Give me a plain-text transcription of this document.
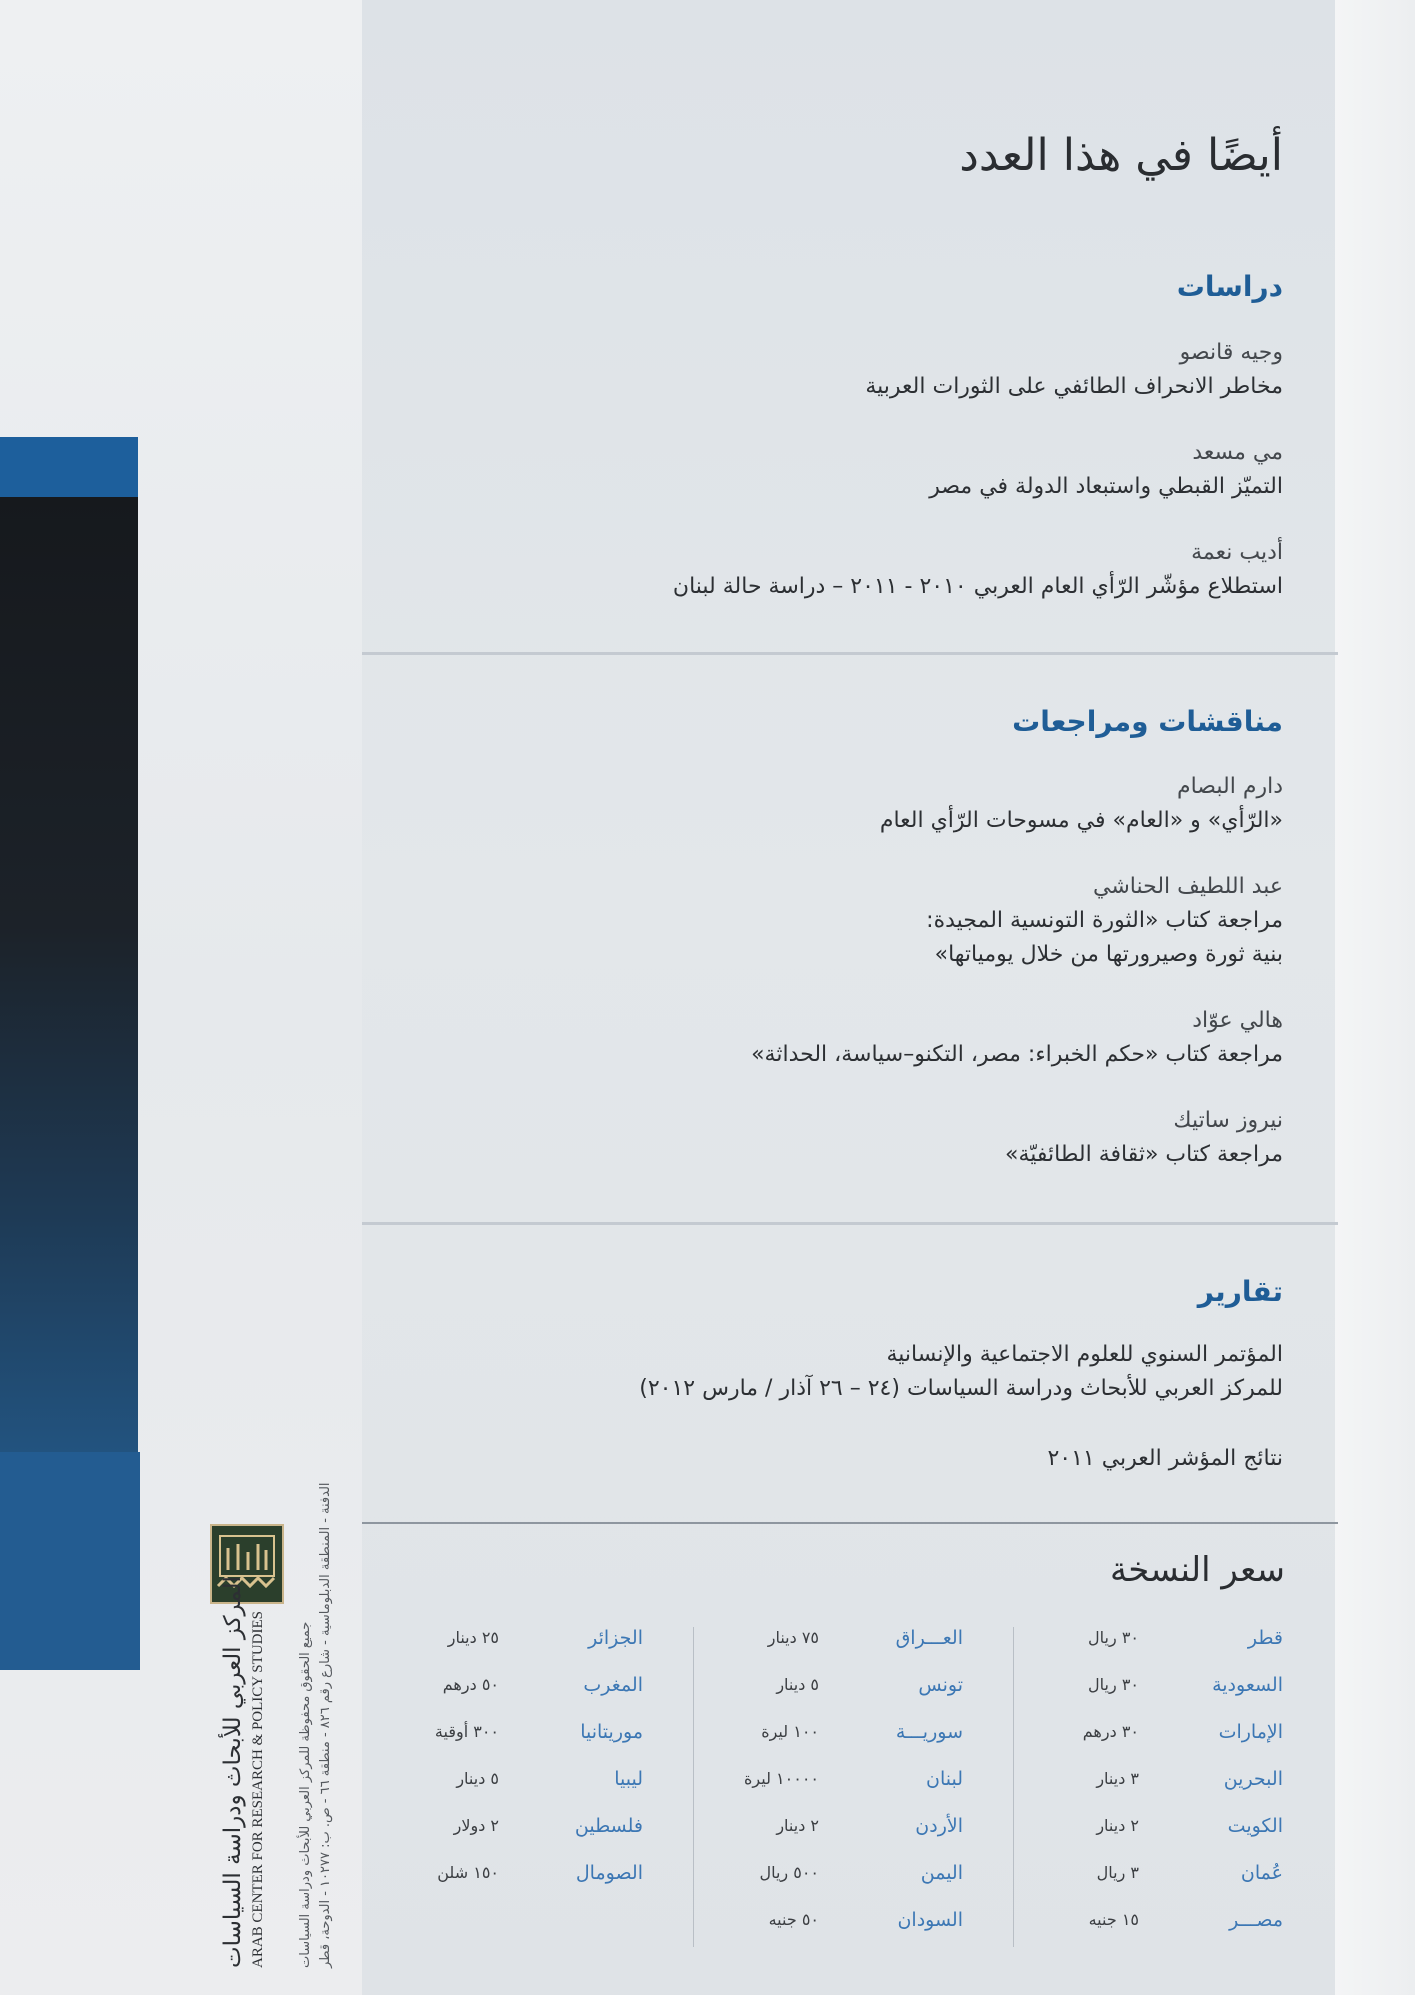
أيضًا في هذا العدد
دراسات
وجيه قانصو
مخاطر الانحراف الطائفي على الثورات العربية
مي مسعد
التميّز القبطي واستبعاد الدولة في مصر
أديب نعمة
استطلاع مؤشّر الرّأي العام العربي ٢٠١٠ - ٢٠١١ – دراسة حالة لبنان
مناقشات ومراجعات
دارم البصام
«الرّأي» و «العام» في مسوحات الرّأي العام
عبد اللطيف الحناشي
مراجعة كتاب «الثورة التونسية المجيدة:
بنية ثورة وصيرورتها من خلال يومياتها»
هالي عوّاد
مراجعة كتاب «حكم الخبراء: مصر، التكنو–سياسة، الحداثة»
نيروز ساتيك
مراجعة كتاب «ثقافة الطائفيّة»
تقارير
المؤتمر السنوي للعلوم الاجتماعية والإنسانية
للمركز العربي للأبحاث ودراسة السياسات (٢٤ – ٢٦ آذار / مارس ٢٠١٢)
نتائج المؤشر العربي ٢٠١١
سعر النسخة
قطر
٣٠ ريال
السعودية
٣٠ ريال
الإمارات
٣٠ درهم
البحرين
٣ دينار
الكويت
٢ دينار
عُمان
٣ ريال
مصـــر
١٥ جنيه
العـــراق
٧٥ دينار
تونس
٥ دينار
سوريـــة
١٠٠ ليرة
لبنان
١٠٠٠٠ ليرة
الأردن
٢ دينار
اليمن
٥٠٠ ريال
السودان
٥٠ جنيه
الجزائر
٢٥ دينار
المغرب
٥٠ درهم
موريتانيا
٣٠٠ أوقية
ليبيا
٥ دينار
فلسطين
٢ دولار
الصومال
١٥٠ شلن
المركز العربي للأبحاث ودراسة السياسات ARAB CENTER FOR RESEARCH & POLICY STUDIES جميع الحقوق محفوظة للمركز العربي للأبحاث ودراسة السياسات الدفنة - المنطقة الدبلوماسية - شارع رقم ٨٢٦ - منطقة ٦٦ - ص. ب: ١٠٢٧٧ - الدوحة، قطر
